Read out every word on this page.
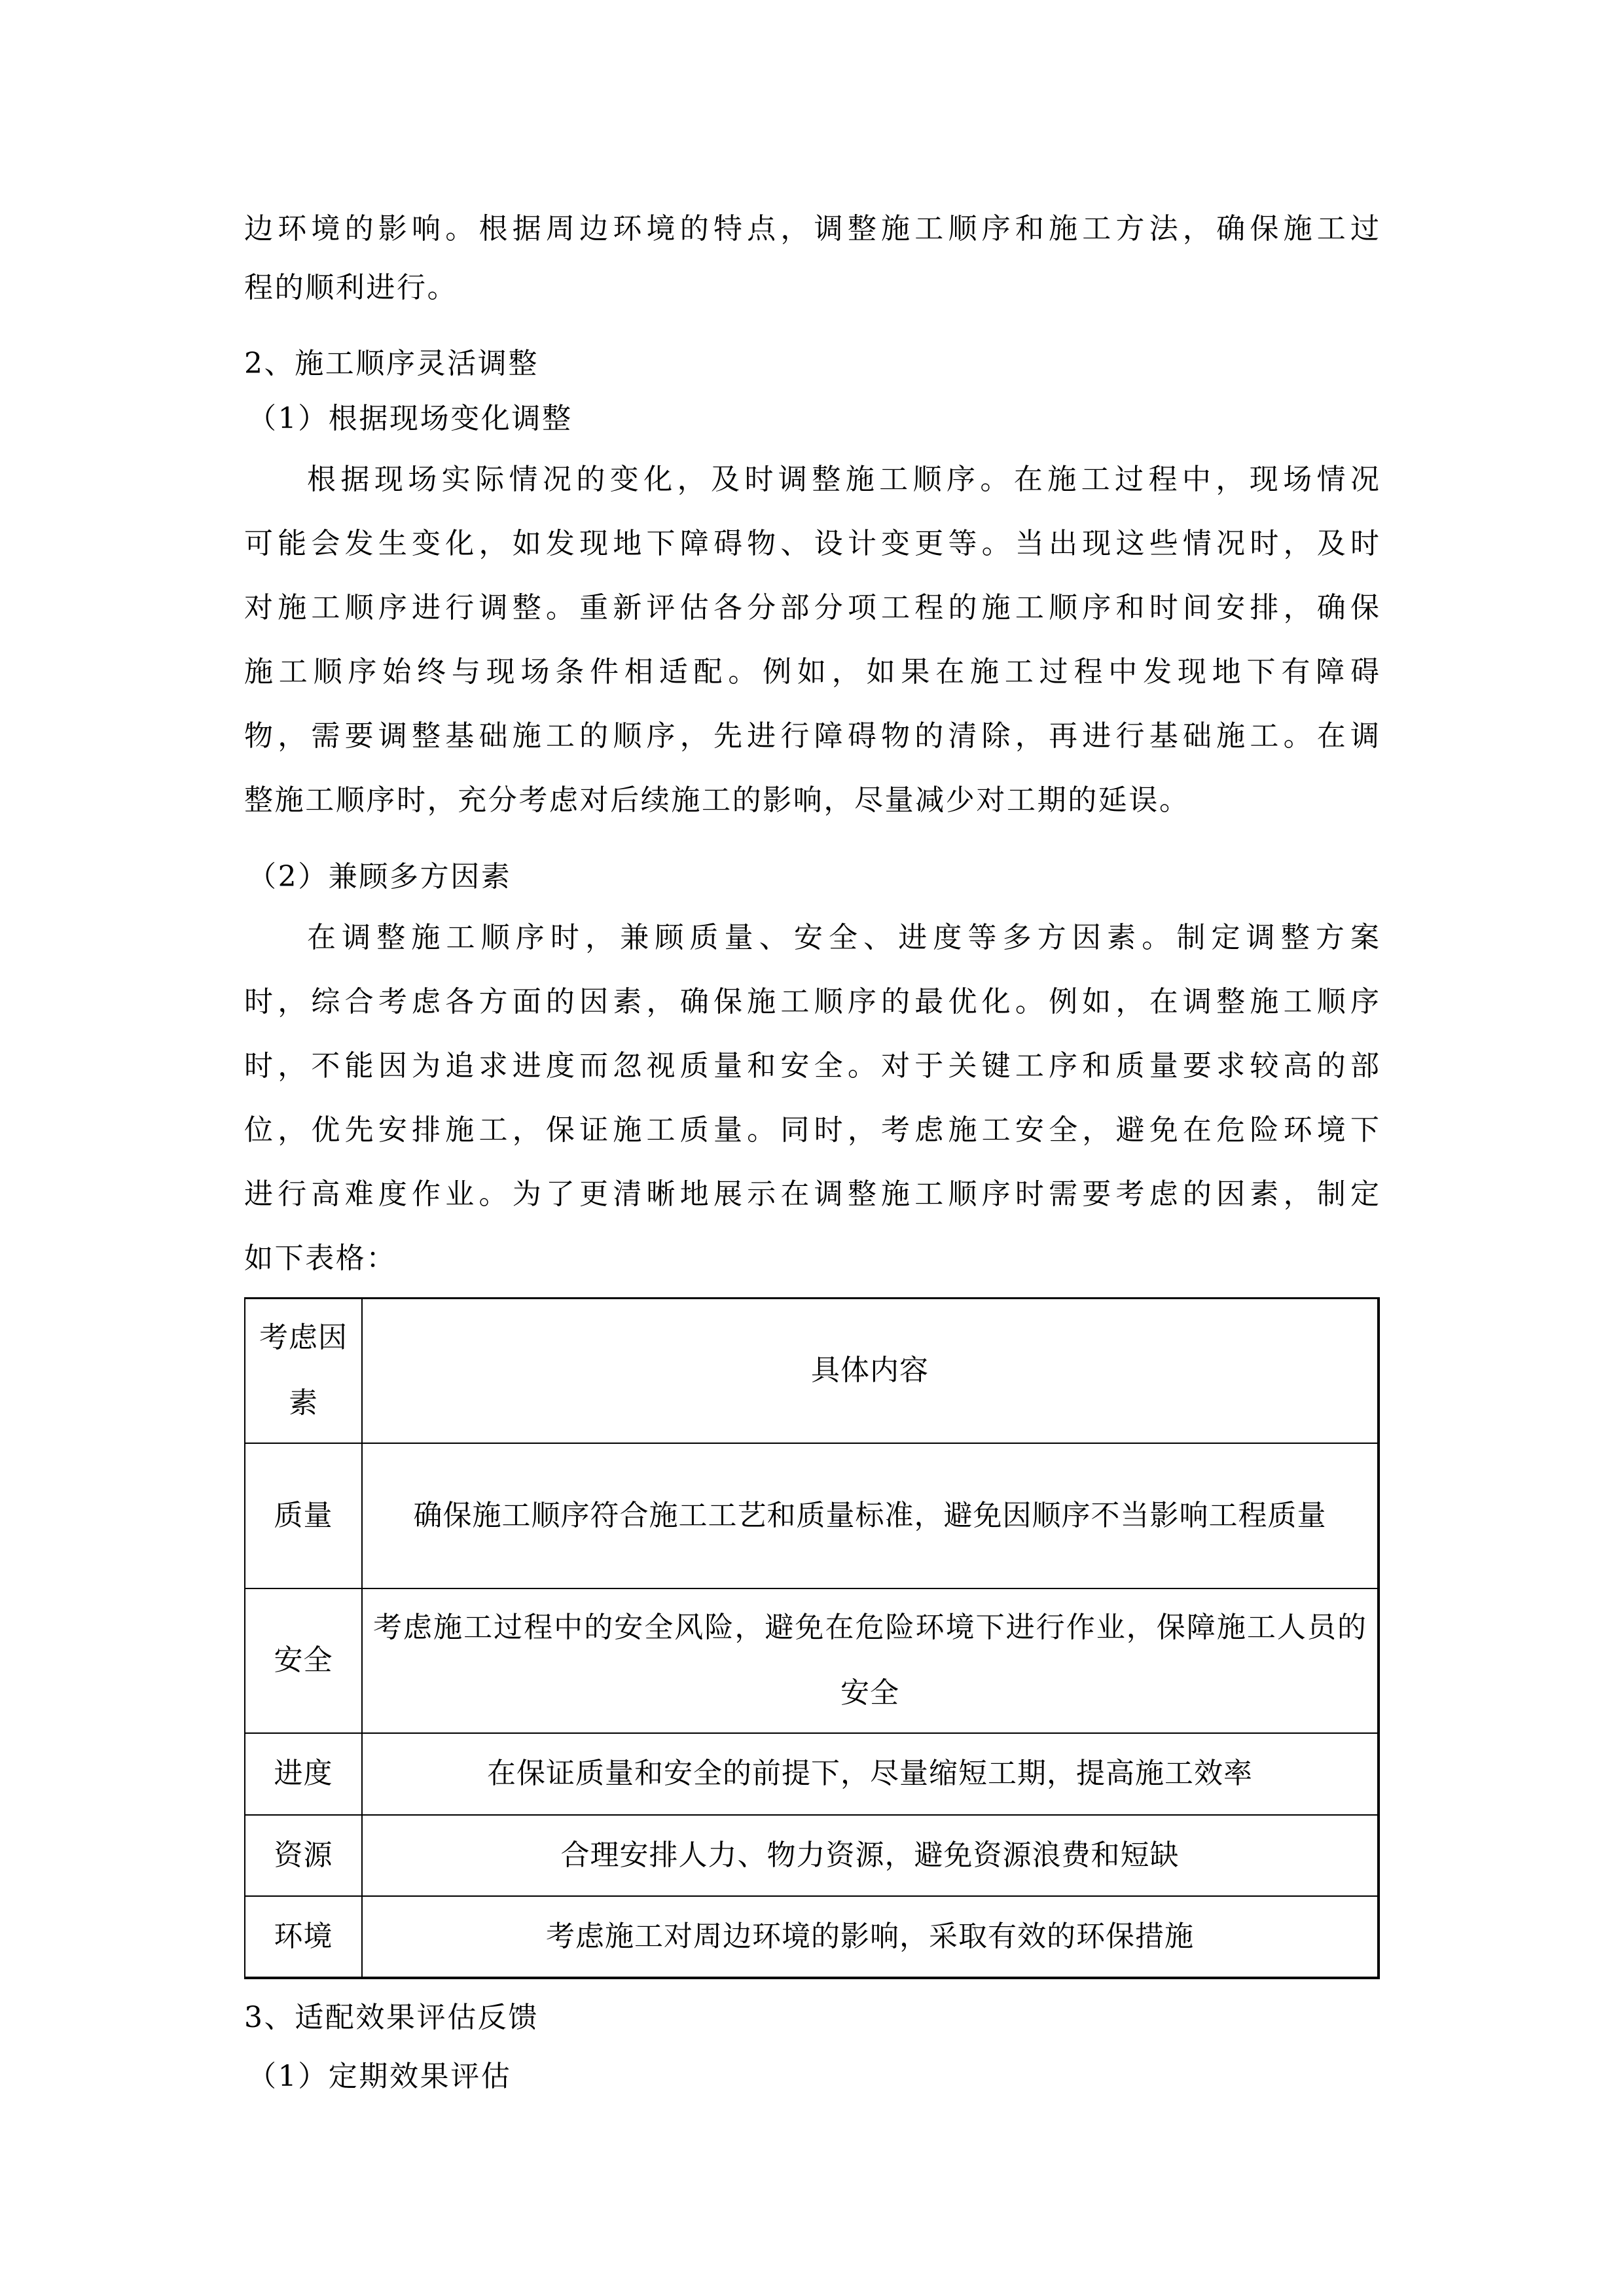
边环境的影响。根据周边环境的特点，调整施工顺序和施工方法，确保施工过
程的顺利进行。
2、施工顺序灵活调整
（1）根据现场变化调整
根据现场实际情况的变化，及时调整施工顺序。在施工过程中，现场情况
可能会发生变化，如发现地下障碍物、设计变更等。当出现这些情况时，及时
对施工顺序进行调整。重新评估各分部分项工程的施工顺序和时间安排，确保
施工顺序始终与现场条件相适配。例如，如果在施工过程中发现地下有障碍
物，需要调整基础施工的顺序，先进行障碍物的清除，再进行基础施工。在调
整施工顺序时，充分考虑对后续施工的影响，尽量减少对工期的延误。
（2）兼顾多方因素
在调整施工顺序时，兼顾质量、安全、进度等多方因素。制定调整方案
时，综合考虑各方面的因素，确保施工顺序的最优化。例如，在调整施工顺序
时，不能因为追求进度而忽视质量和安全。对于关键工序和质量要求较高的部
位，优先安排施工，保证施工质量。同时，考虑施工安全，避免在危险环境下
进行高难度作业。为了更清晰地展示在调整施工顺序时需要考虑的因素，制定
如下表格：
考虑因素	具体内容
质量	确保施工顺序符合施工工艺和质量标准，避免因顺序不当影响工程质量
安全	考虑施工过程中的安全风险，避免在危险环境下进行作业，保障施工人员的安全
进度	在保证质量和安全的前提下，尽量缩短工期，提高施工效率
资源	合理安排人力、物力资源，避免资源浪费和短缺
环境	考虑施工对周边环境的影响，采取有效的环保措施
3、适配效果评估反馈
（1）定期效果评估
